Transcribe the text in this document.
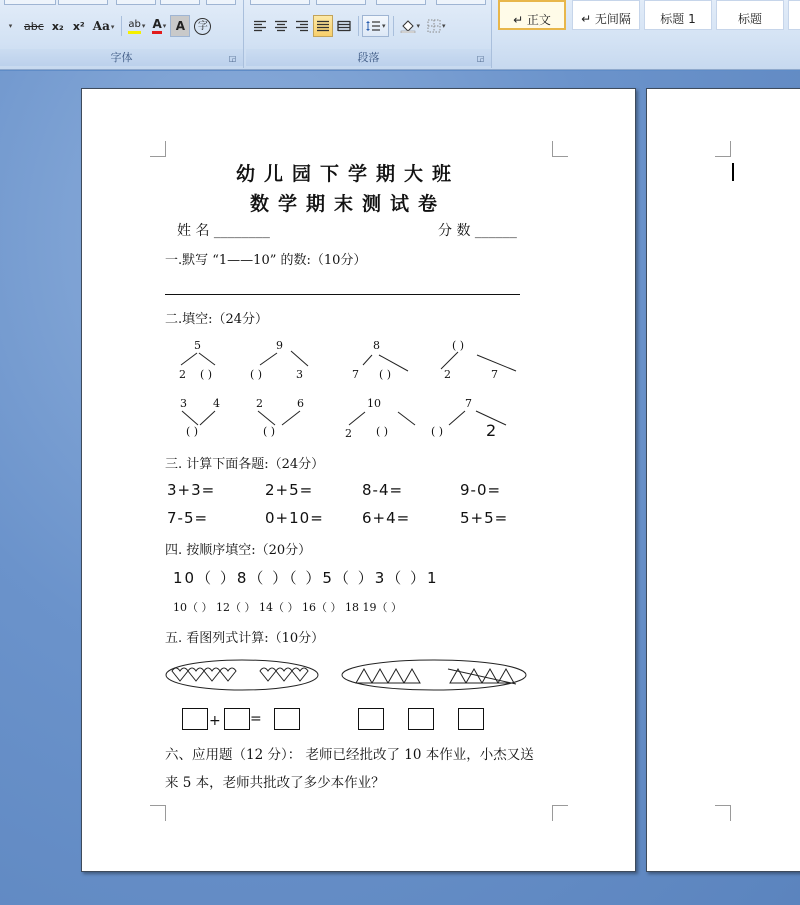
▾ abc x₂ x² Aa ▾ ab ▾ A ▾ A	字
字体	◲
▾	▾	▾
段落	◲
↵ 正文	↵ 无间隔	标题 1	标题
幼儿园下学期大班
数学期末测试卷
姓 名 ________	分 数 ______
一.默写 “1——10” 的数:（10分）
二.填空:（24分）
5
2 ( )
9
( )	3
8
7 ( )
( )
2	7
3 4
( )
2	6
( )
10
2 ( )
7
( )	2
三. 计算下面各题:（24分）
3+3=	2+5=	8-4=	9-0=
7-5=	0+10=	6+4=	5+5=
四. 按顺序填空:（20分）
10（ ）8（ ）（ ）5（ ）3（ ）1
10（ ） 12（ ） 14（ ） 16（ ） 18 19（ ）
五. 看图列式计算:（10分）
+ =
六、应用题（12 分）： 老师已经批改了 10 本作业，小杰又送
来 5 本，老师共批改了多少本作业？
